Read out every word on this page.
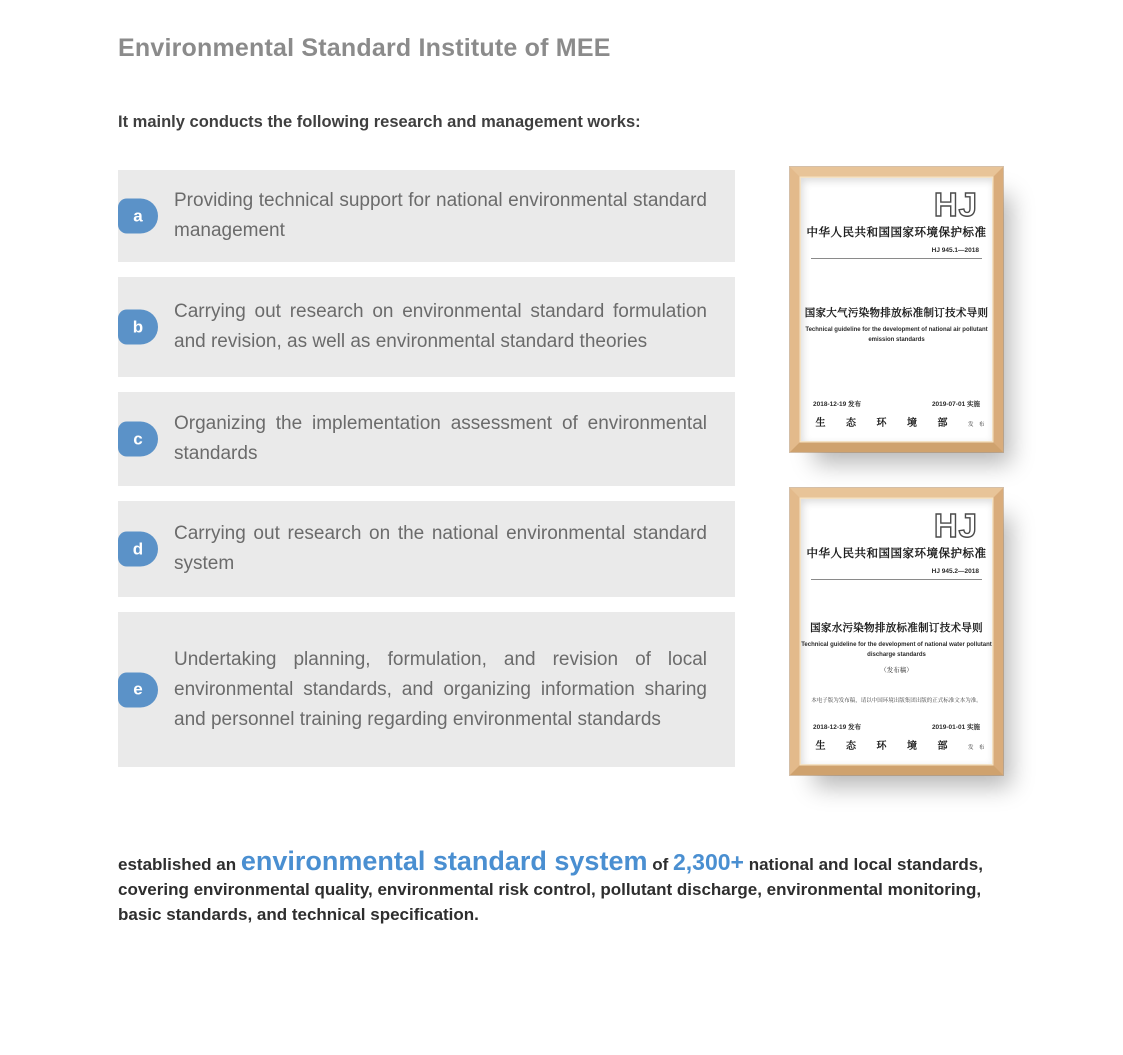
Environmental Standard Institute of MEE
It mainly conducts the following research and management works:
a

Providing technical support for national environmental standard management

b

Carrying out research on environmental standard formulation and revision, as well as environmental standard theories

c

Organizing the implementation assessment of environmental standards

d

Carrying out research on the national environmental standard system

e

Undertaking planning, formulation, and revision of local environmental standards, and organizing information sharing and personnel training regarding environmental standards

HJ
中华人民共和国国家环境保护标准
HJ 945.1—2018
国家大气污染物排放标准制订技术导则
Technical guideline for the development of national air pollutant
emission standards
2018-12-19 发布	2019-07-01 实施
生 态 环 境 部 发 布
HJ
中华人民共和国国家环境保护标准
HJ 945.2—2018
国家水污染物排放标准制订技术导则
Technical guideline for the development of national water pollutant
discharge standards
（发布稿）
本电子版为发布稿，请以中国环境出版集团出版的正式标准文本为准。
2018-12-19 发布	2019-01-01 实施
生 态 环 境 部 发 布

established an environmental standard system of 2,300+ national and local standards, covering environmental quality, environmental risk control, pollutant discharge, environmental monitoring, basic standards, and technical specification.
